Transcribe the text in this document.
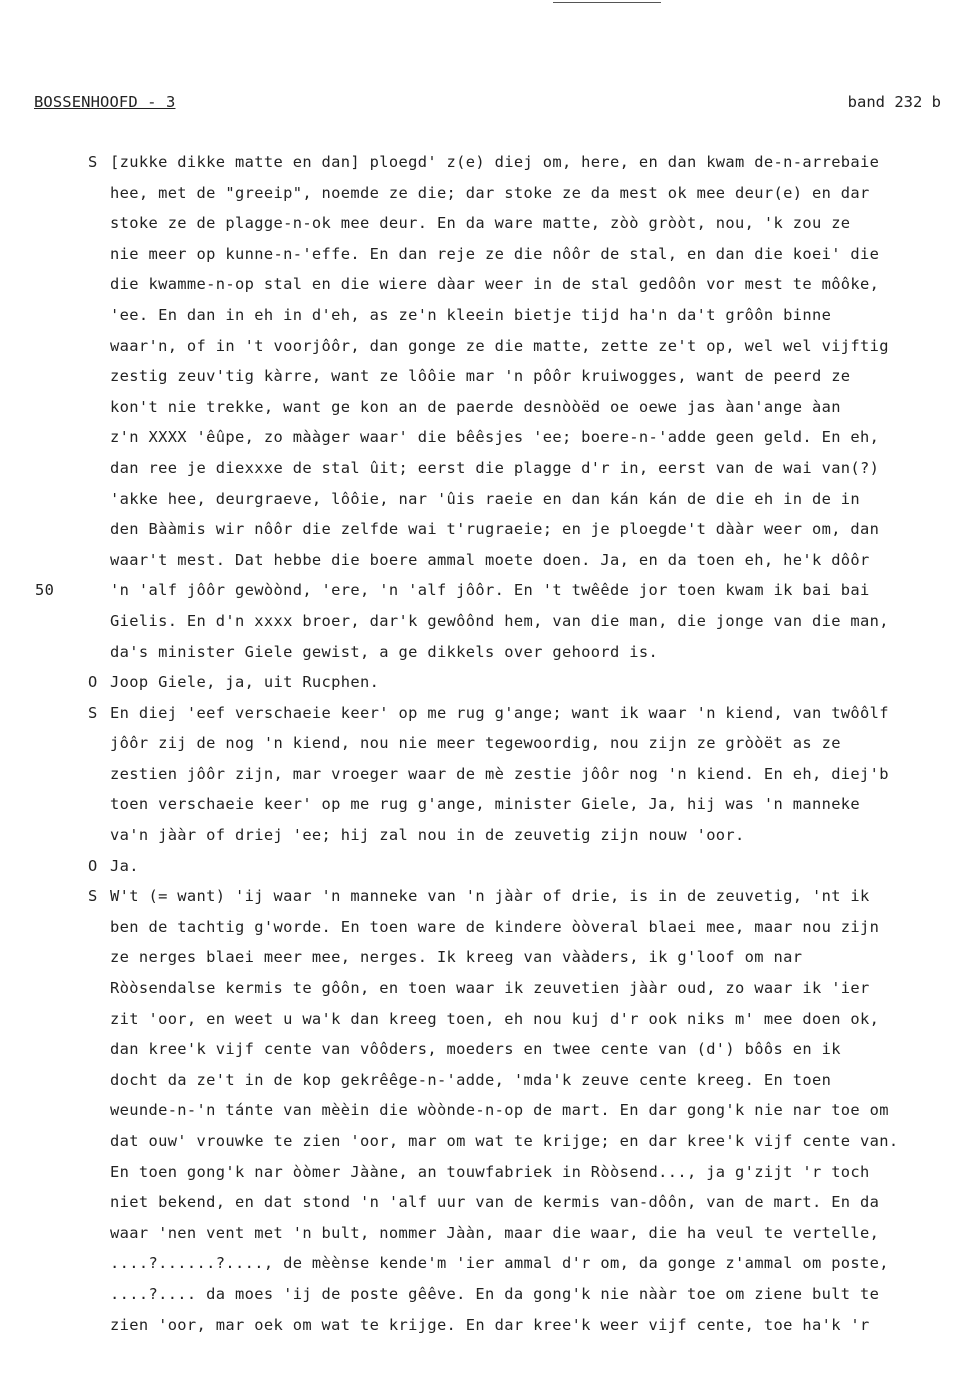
BOSSENHOOFD - 3	band 232 b
S [zukke dikke matte en dan] ploegd' z(e) diej om, here, en dan kwam de-n-arrebaie
hee, met de "greeip", noemde ze die; dar stoke ze da mest ok mee deur(e) en dar
stoke ze de plagge-n-ok mee deur. En da ware matte, zòò gròòt, nou, 'k zou ze
nie meer op kunne-n-'effe. En dan reje ze die nôôr de stal, en dan die koei' die
die kwamme-n-op stal en die wiere dàar weer in de stal gedôôn vor mest te môôke,
'ee. En dan in eh in d'eh, as ze'n kleein bietje tijd ha'n da't grôôn binne
waar'n, of in 't voorjôôr, dan gonge ze die matte, zette ze't op, wel wel vijftig
zestig zeuv'tig kàrre, want ze lôôie mar 'n pôôr kruiwogges, want de peerd ze
kon't nie trekke, want ge kon an de paerde desnòòëd oe oewe jas àan'ange àan
z'n XXXX 'êûpe, zo mààger waar' die bêêsjes 'ee; boere-n-'adde geen geld. En eh,
dan ree je diexxxe de stal ûit; eerst die plagge d'r in, eerst van de wai van(?)
'akke hee, deurgraeve, lôôie, nar 'ûis raeie en dan kán kán de die eh in de in
den Bààmis wir nôôr die zelfde wai t'rugraeie; en je ploegde't dààr weer om, dan
waar't mest. Dat hebbe die boere ammal moete doen. Ja, en da toen eh, he'k dôôr
50	'n 'alf jôôr gewòònd, 'ere, 'n 'alf jôôr. En 't twêêde jor toen kwam ik bai bai
Gielis. En d'n xxxx broer, dar'k gewôônd hem, van die man, die jonge van die man,
da's minister Giele gewist, a ge dikkels over gehoord is.
O Joop Giele, ja, uit Rucphen.
S En diej 'eef verschaeie keer' op me rug g'ange; want ik waar 'n kiend, van twôôlf
jôôr zij de nog 'n kiend, nou nie meer tegewoordig, nou zijn ze gròòët as ze
zestien jôôr zijn, mar vroeger waar de mè zestie jôôr nog 'n kiend. En eh, diej'b
toen verschaeie keer' op me rug g'ange, minister Giele, Ja, hij was 'n manneke
va'n jààr of driej 'ee; hij zal nou in de zeuvetig zijn nouw 'oor.
O Ja.
S W't (= want) 'ij waar 'n manneke van 'n jààr of drie, is in de zeuvetig, 'nt ik
ben de tachtig g'worde. En toen ware de kindere òòveral blaei mee, maar nou zijn
ze nerges blaei meer mee, nerges. Ik kreeg van vààders, ik g'loof om nar
Ròòsendalse kermis te gôôn, en toen waar ik zeuvetien jààr oud, zo waar ik 'ier
zit 'oor, en weet u wa'k dan kreeg toen, eh nou kuj d'r ook niks m' mee doen ok,
dan kree'k vijf cente van vôôders, moeders en twee cente van (d') bôôs en ik
docht da ze't in de kop gekrêêge-n-'adde, 'mda'k zeuve cente kreeg. En toen
weunde-n-'n tánte van mèèin die wòònde-n-op de mart. En dar gong'k nie nar toe om
dat ouw' vrouwke te zien 'oor, mar om wat te krijge; en dar kree'k vijf cente van.
En toen gong'k nar òòmer Jààne, an touwfabriek in Ròòsend..., ja g'zijt 'r toch
niet bekend, en dat stond 'n 'alf uur van de kermis van-dôôn, van de mart. En da
waar 'nen vent met 'n bult, nommer Jààn, maar die waar, die ha veul te vertelle,
....?......?...., de mèènse kende'm 'ier ammal d'r om, da gonge z'ammal om poste,
....?.... da moes 'ij de poste gêêve. En da gong'k nie nààr toe om ziene bult te
zien 'oor, mar oek om wat te krijge. En dar kree'k weer vijf cente, toe ha'k 'r
